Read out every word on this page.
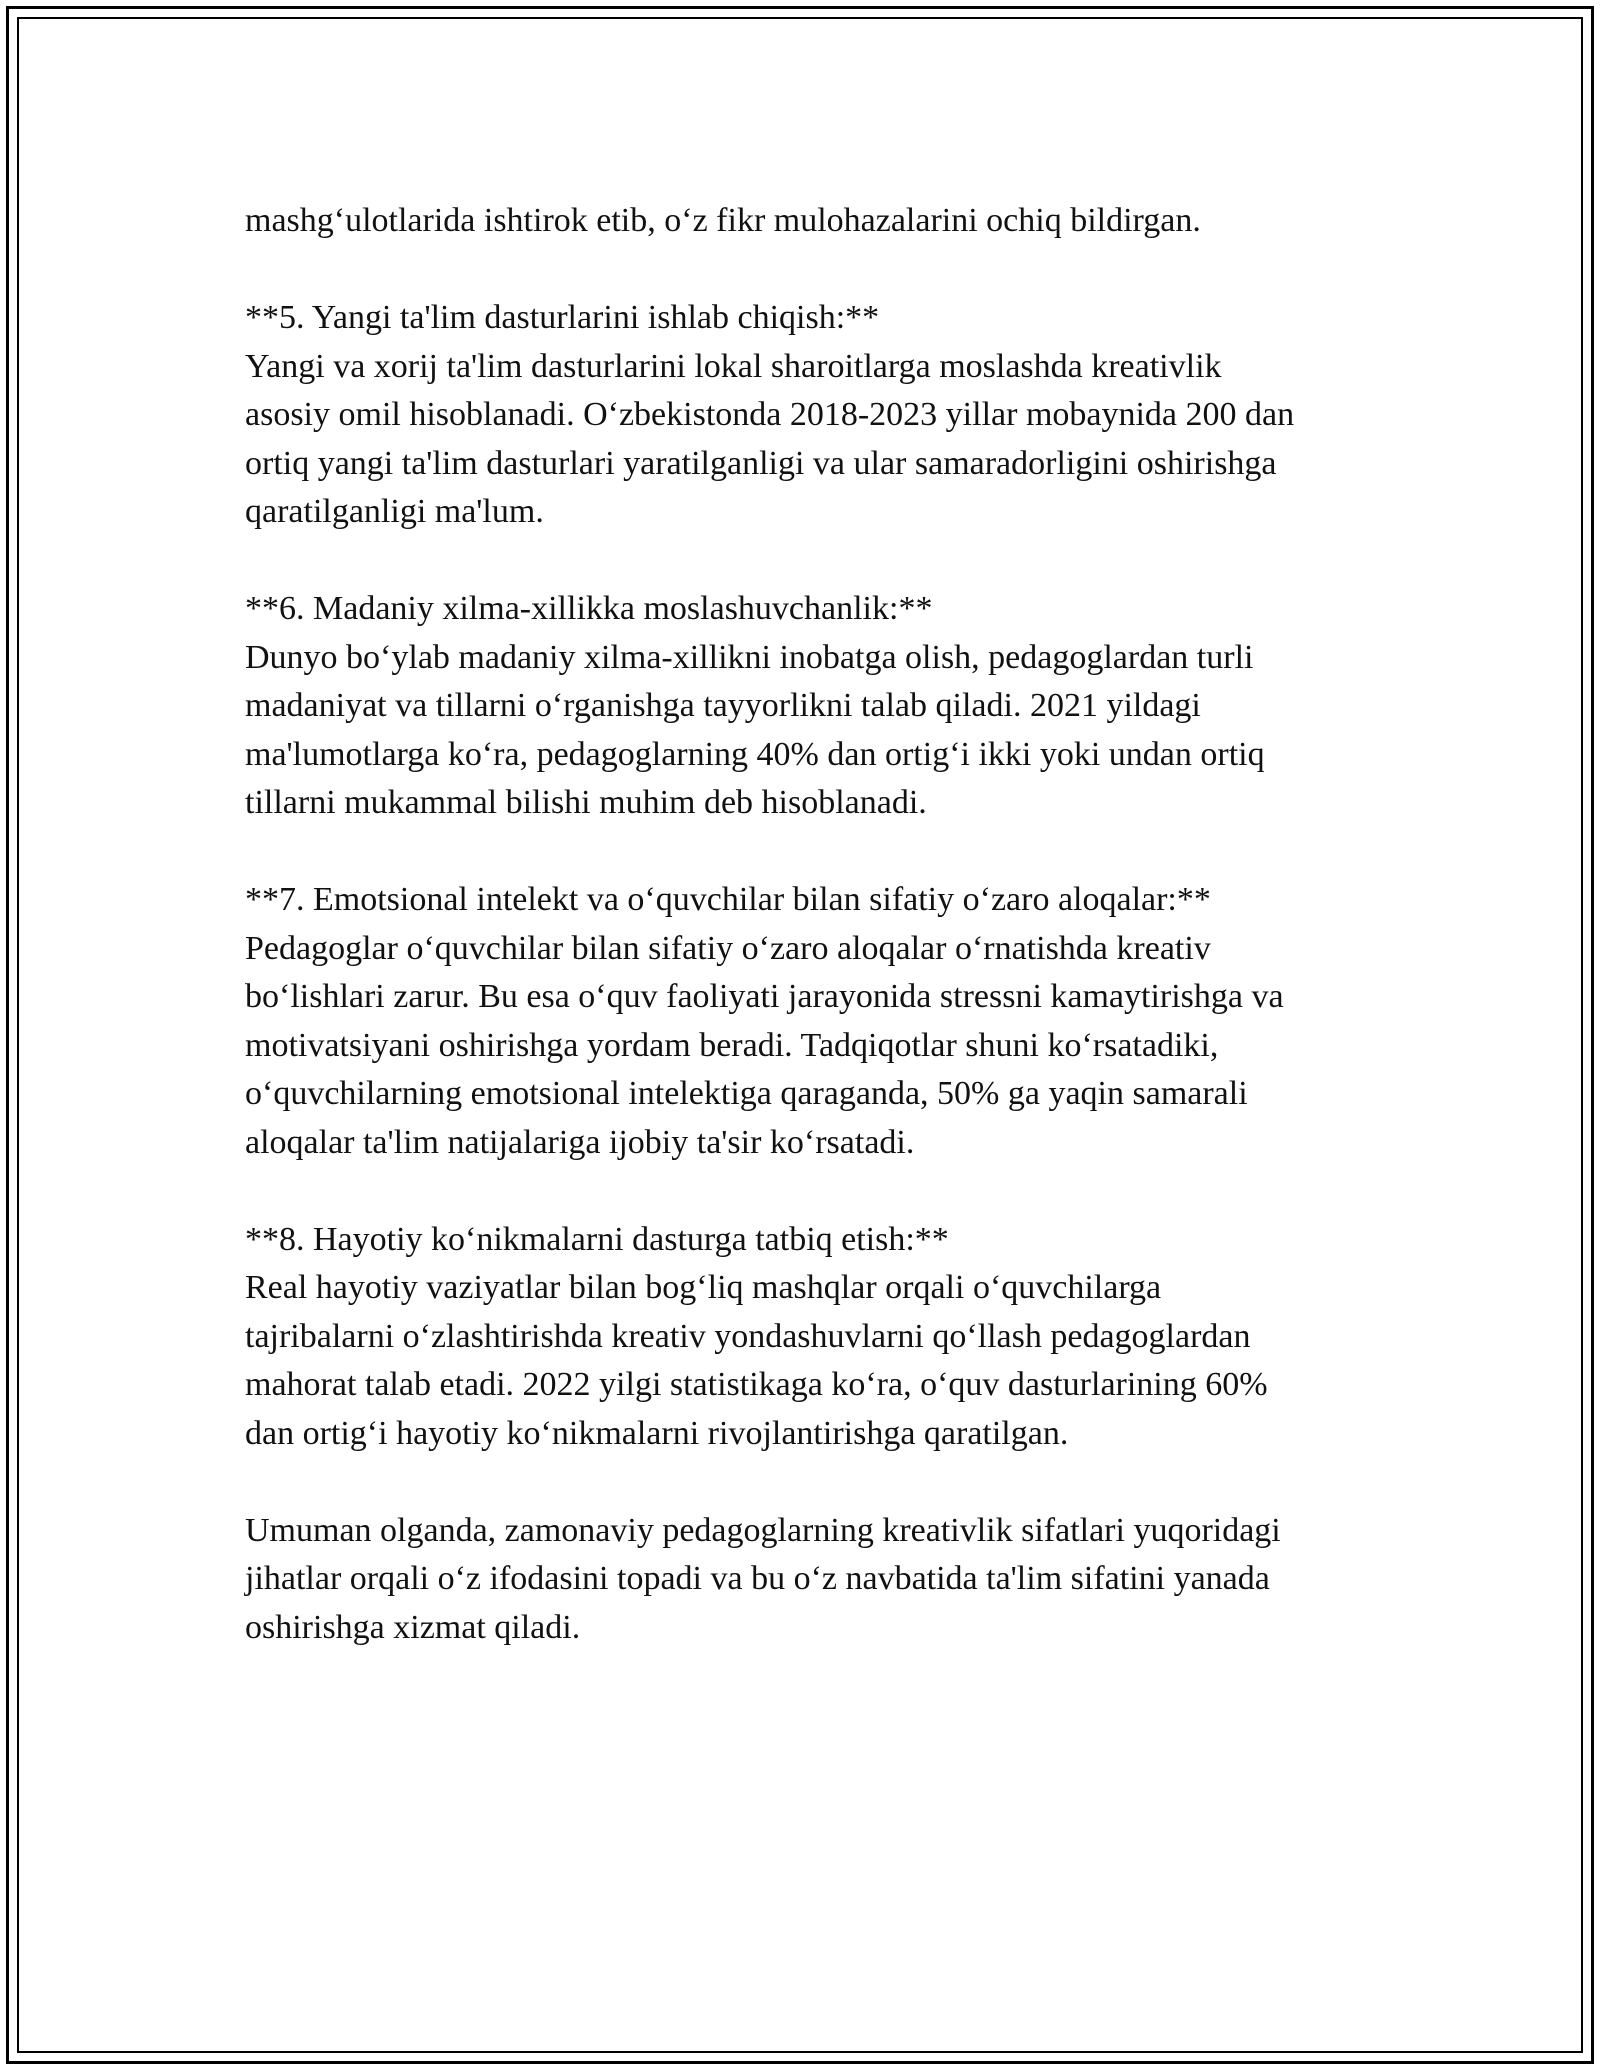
mashg‘ulotlarida ishtirok etib, o‘z fikr mulohazalarini ochiq bildirgan.

**5. Yangi ta'lim dasturlarini ishlab chiqish:**
Yangi va xorij ta'lim dasturlarini lokal sharoitlarga moslashda kreativlik
asosiy omil hisoblanadi. O‘zbekistonda 2018-2023 yillar mobaynida 200 dan
ortiq yangi ta'lim dasturlari yaratilganligi va ular samaradorligini oshirishga
qaratilganligi ma'lum.

**6. Madaniy xilma-xillikka moslashuvchanlik:**
Dunyo bo‘ylab madaniy xilma-xillikni inobatga olish, pedagoglardan turli
madaniyat va tillarni o‘rganishga tayyorlikni talab qiladi. 2021 yildagi
ma'lumotlarga ko‘ra, pedagoglarning 40% dan ortig‘i ikki yoki undan ortiq
tillarni mukammal bilishi muhim deb hisoblanadi.

**7. Emotsional intelekt va o‘quvchilar bilan sifatiy o‘zaro aloqalar:**
Pedagoglar o‘quvchilar bilan sifatiy o‘zaro aloqalar o‘rnatishda kreativ
bo‘lishlari zarur. Bu esa o‘quv faoliyati jarayonida stressni kamaytirishga va
motivatsiyani oshirishga yordam beradi. Tadqiqotlar shuni ko‘rsatadiki,
o‘quvchilarning emotsional intelektiga qaraganda, 50% ga yaqin samarali
aloqalar ta'lim natijalariga ijobiy ta'sir ko‘rsatadi.

**8. Hayotiy ko‘nikmalarni dasturga tatbiq etish:**
Real hayotiy vaziyatlar bilan bog‘liq mashqlar orqali o‘quvchilarga
tajribalarni o‘zlashtirishda kreativ yondashuvlarni qo‘llash pedagoglardan
mahorat talab etadi. 2022 yilgi statistikaga ko‘ra, o‘quv dasturlarining 60%
dan ortig‘i hayotiy ko‘nikmalarni rivojlantirishga qaratilgan.

Umuman olganda, zamonaviy pedagoglarning kreativlik sifatlari yuqoridagi
jihatlar orqali o‘z ifodasini topadi va bu o‘z navbatida ta'lim sifatini yanada
oshirishga xizmat qiladi.
